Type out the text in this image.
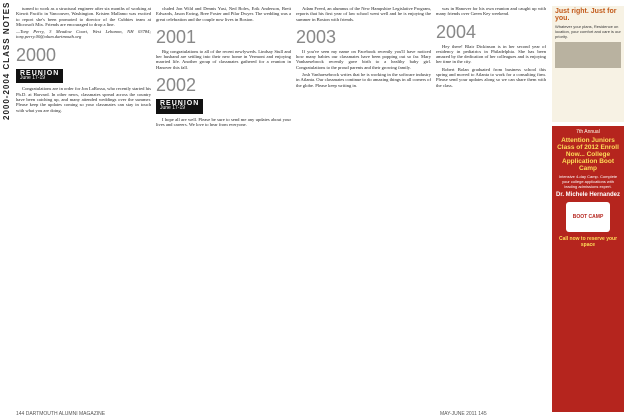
2000-2004 CLASS NOTES	turned to work as a structural engineer after six months of working at Kiewit Pacific in Vancouver, Washington. Kristen Mallamo was excited to report she's been promoted to director of the Cubbies team at Microsoft Mix. Friends are encouraged to drop a line.

—Tony Perry, 3 Meadow Court, West Lebanon, NH 03784; tony.perry.00@alum.dartmouth.org
2000
REUNION
June 17-19

Congratulations are in order for Jon LaRossa, who recently started his Ph.D. at Harvard. In other news, classmates spread across the country have been catching up, and many attended weddings over the summer. Please keep the updates coming so your classmates can stay in touch with what you are doing.

cluded Jon Wild and Dennis Yusi, Ned Boles, Erik Anderson, Brett Edwards, Jason Ewing, Bree Foster and Pilar Dwyer. The wedding was a great celebration and the couple now lives in Boston.

2001

Big congratulations to all of the recent newlyweds. Lindsay Stull and her husband are settling into their new home in Vermont and enjoying married life. Another group of classmates gathered for a reunion in Hanover this fall.

2002
REUNION
June 17-19

I hope all are well. Please be sure to send me any updates about your lives and careers. We love to hear from everyone.

Adam Freed, an alumnus of the New Hampshire Legislative Program, reports that his first year of law school went well and he is enjoying the summer in Boston with friends.

2003

If you've seen my name on Facebook recently you'll have noticed how many babies our classmates have been popping out so far. Mary Vanhaesebrock recently gave birth to a healthy baby girl. Congratulations to the proud parents and their growing family.

Josh Vanhaesebrock writes that he is working in the software industry in Atlanta. Our classmates continue to do amazing things in all corners of the globe. Please keep writing in.

was in Hanover for his own reunion and caught up with many friends over Green Key weekend.

2004

Hey there! Blair Dickinson is in her second year of residency in pediatrics in Philadelphia. She has been amazed by the dedication of her colleagues and is enjoying her time in the city.

Robert Bolan graduated from business school this spring and moved to Atlanta to work for a consulting firm. Please send your updates along so we can share them with the class.

Just right. Just for you.
Whatever your plans, Residence on location, your comfort and care is our priority.
7th Annual
Attention Juniors Class of 2012 Enroll Now... College Application Boot Camp
Intensive 4-day Camp. Complete your college applications with leading admissions expert.
Dr. Michele Hernandez
BOOT CAMP
Call now to reserve your space
144 DARTMOUTH ALUMNI MAGAZINE	MAY-JUNE 2011 145
